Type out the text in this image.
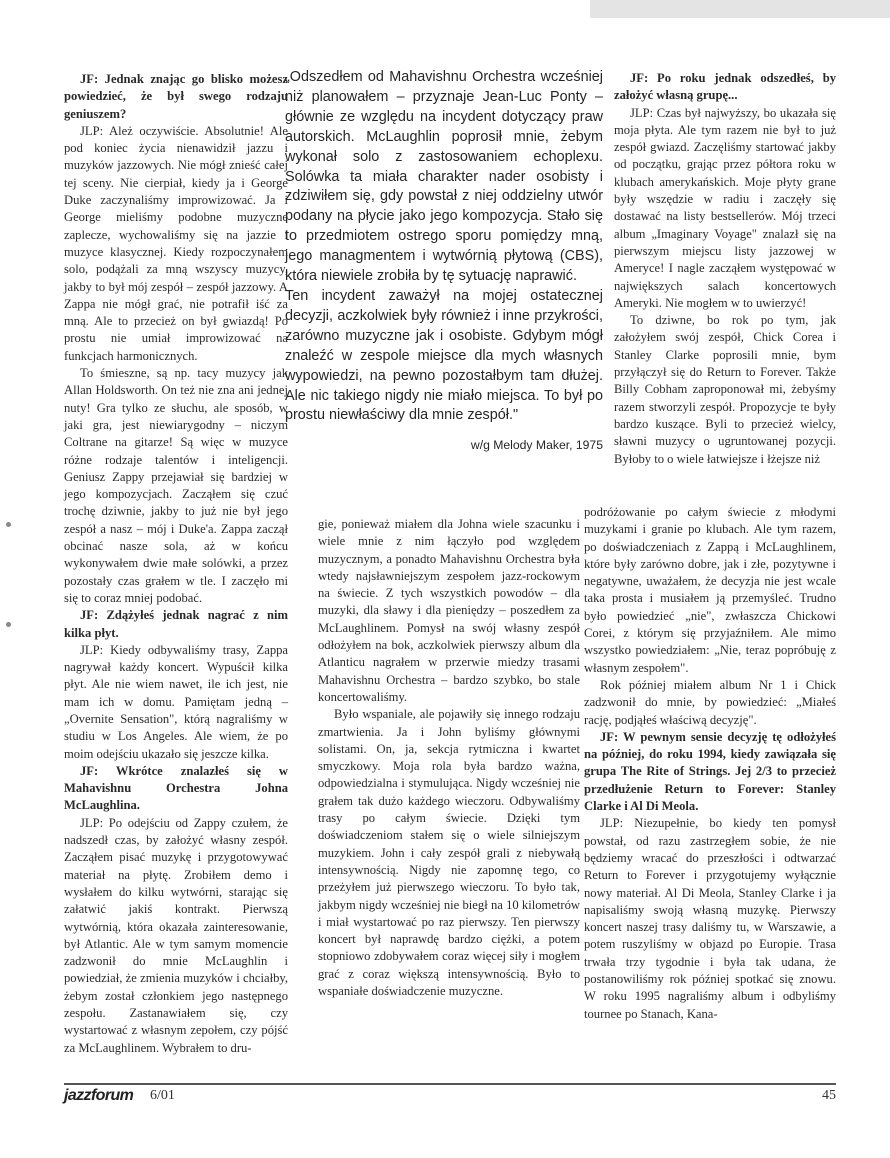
JF: Jednak znając go blisko możesz powiedzieć, że był swego rodzaju geniuszem?

JLP: Ależ oczywiście. Absolutnie! Ale pod koniec życia nienawidził jazzu i muzyków jazzowych. Nie mógł znieść całej tej sceny. Nie cierpiał, kiedy ja i George Duke zaczynaliśmy improwizować. Ja i George mieliśmy podobne muzyczne zaplecze, wychowaliśmy się na jazzie i muzyce klasycznej. Kiedy rozpoczynałem solo, podążali za mną wszyscy muzycy, jakby to był mój zespół – zespół jazzowy. A Zappa nie mógł grać, nie potrafił iść za mną. Ale to przecież on był gwiazdą! Po prostu nie umiał improwizować na funkcjach harmonicznych.

To śmieszne, są np. tacy muzycy jak Allan Holdsworth. On też nie zna ani jednej nuty! Gra tylko ze słuchu, ale sposób, w jaki gra, jest niewiarygodny – niczym Coltrane na gitarze! Są więc w muzyce różne rodzaje talentów i inteligencji. Geniusz Zappy przejawiał się bardziej w jego kompozycjach. Zacząłem się czuć trochę dziwnie, jakby to już nie był jego zespół a nasz – mój i Duke'a. Zappa zaczął obcinać nasze sola, aż w końcu wykonywałem dwie małe solówki, a przez pozostały czas grałem w tle. I zaczęło mi się to coraz mniej podobać.

JF: Zdążyłeś jednak nagrać z nim kilka płyt.

JLP: Kiedy odbywaliśmy trasy, Zappa nagrywał każdy koncert. Wypuścił kilka płyt. Ale nie wiem nawet, ile ich jest, nie mam ich w domu. Pamiętam jedną – „Overnite Sensation", którą nagraliśmy w studiu w Los Angeles. Ale wiem, że po moim odejściu ukazało się jeszcze kilka.

JF: Wkrótce znalazłeś się w Mahavishnu Orchestra Johna McLaughlina.

JLP: Po odejściu od Zappy czułem, że nadszedł czas, by założyć własny zespół. Zacząłem pisać muzykę i przygotowywać materiał na płytę. Zrobiłem demo i wysłałem do kilku wytwórni, starając się załatwić jakiś kontrakt. Pierwszą wytwórnią, która okazała zainteresowanie, był Atlantic. Ale w tym samym momencie zadzwonił do mnie McLaughlin i powiedział, że zmienia muzyków i chciałby, żebym został członkiem jego następnego zespołu. Zastanawiałem się, czy wystartować z własnym zepołem, czy pójść za McLaughlinem. Wybrałem to dru-

„Odszedłem od Mahavishnu Orchestra wcześniej niż planowałem – przyznaje Jean-Luc Ponty – głównie ze względu na incydent dotyczący praw autorskich. McLaughlin poprosił mnie, żebym wykonał solo z zastosowaniem echoplexu. Solówka ta miała charakter nader osobisty i zdziwiłem się, gdy powstał z niej oddzielny utwór podany na płycie jako jego kompozycja. Stało się to przedmiotem ostrego sporu pomiędzy mną, jego managmentem i wytwórnią płytową (CBS), która niewiele zrobiła by tę sytuację naprawić.

Ten incydent zaważył na mojej ostatecznej decyzji, aczkolwiek były również i inne przykrości, zarówno muzyczne jak i osobiste. Gdybym mógł znaleźć w zespole miejsce dla mych własnych wypowiedzi, na pewno pozostałbym tam dłużej. Ale nic takiego nigdy nie miało miejsca. To był po prostu niewłaściwy dla mnie zespół."

w/g Melody Maker, 1975

gie, ponieważ miałem dla Johna wiele szacunku i wiele mnie z nim łączyło pod względem muzycznym, a ponadto Mahavishnu Orchestra była wtedy najsławniejszym zespołem jazz-rockowym na świecie. Z tych wszystkich powodów – dla muzyki, dla sławy i dla pieniędzy – poszedłem za McLaughlinem. Pomysł na swój własny zespół odłożyłem na bok, aczkolwiek pierwszy album dla Atlanticu nagrałem w przerwie miedzy trasami Mahavishnu Orchestra – bardzo szybko, bo stale koncertowaliśmy.

Było wspaniale, ale pojawiły się innego rodzaju zmartwienia. Ja i John byliśmy głównymi solistami. On, ja, sekcja rytmiczna i kwartet smyczkowy. Moja rola była bardzo ważna, odpowiedzialna i stymulująca. Nigdy wcześniej nie grałem tak dużo każdego wieczoru. Odbywaliśmy trasy po całym świecie. Dzięki tym doświadczeniom stałem się o wiele silniejszym muzykiem. John i cały zespół grali z niebywałą intensywnością. Nigdy nie zapomnę tego, co przeżyłem już pierwszego wieczoru. To było tak, jakbym nigdy wcześniej nie biegł na 10 kilometrów i miał wystartować po raz pierwszy. Ten pierwszy koncert był naprawdę bardzo ciężki, a potem stopniowo zdobywałem coraz więcej siły i mogłem grać z coraz większą intensywnością. Było to wspaniałe doświadczenie muzyczne.

JF: Po roku jednak odszedłeś, by założyć własną grupę...

JLP: Czas był najwyższy, bo ukazała się moja płyta. Ale tym razem nie był to już zespół gwiazd. Zaczęliśmy startować jakby od początku, grając przez półtora roku w klubach amerykańskich. Moje płyty grane były wszędzie w radiu i zaczęły się dostawać na listy bestsellerów. Mój trzeci album „Imaginary Voyage" znalazł się na pierwszym miejscu listy jazzowej w Ameryce! I nagle zacząłem występować w największych salach koncertowych Ameryki. Nie mogłem w to uwierzyć!

To dziwne, bo rok po tym, jak założyłem swój zespół, Chick Corea i Stanley Clarke poprosili mnie, bym przyłączył się do Return to Forever. Także Billy Cobham zaproponował mi, żebyśmy razem stworzyli zespół. Propozycje te były bardzo kuszące. Byli to przecież wielcy, sławni muzycy o ugruntowanej pozycji. Byłoby to o wiele łatwiejsze i łżejsze niż

podróżowanie po całym świecie z młodymi muzykami i granie po klubach. Ale tym razem, po doświadczeniach z Zappą i McLaughlinem, które były zarówno dobre, jak i złe, pozytywne i negatywne, uważałem, że decyzja nie jest wcale taka prosta i musiałem ją przemyśleć. Trudno było powiedzieć „nie", zwłaszcza Chickowi Corei, z którym się przyjaźniłem. Ale mimo wszystko powiedziałem: „Nie, teraz popróbuję z własnym zespołem".

Rok później miałem album Nr 1 i Chick zadzwonił do mnie, by powiedzieć: „Miałeś rację, podjąłeś właściwą decyzję".

JF: W pewnym sensie decyzję tę odłożyłeś na później, do roku 1994, kiedy zawiązała się grupa The Rite of Strings. Jej 2/3 to przecież przedłużenie Return to Forever: Stanley Clarke i Al Di Meola.

JLP: Niezupełnie, bo kiedy ten pomysł powstał, od razu zastrzegłem sobie, że nie będziemy wracać do przeszłości i odtwarzać Return to Forever i przygotujemy wyłącznie nowy materiał. Al Di Meola, Stanley Clarke i ja napisaliśmy swoją własną muzykę. Pierwszy koncert naszej trasy daliśmy tu, w Warszawie, a potem ruszyliśmy w objazd po Europie. Trasa trwała trzy tygodnie i była tak udana, że postanowiliśmy rok później spotkać się znowu. W roku 1995 nagraliśmy album i odbyliśmy tournee po Stanach, Kana-

jazzforum 6/01	45
